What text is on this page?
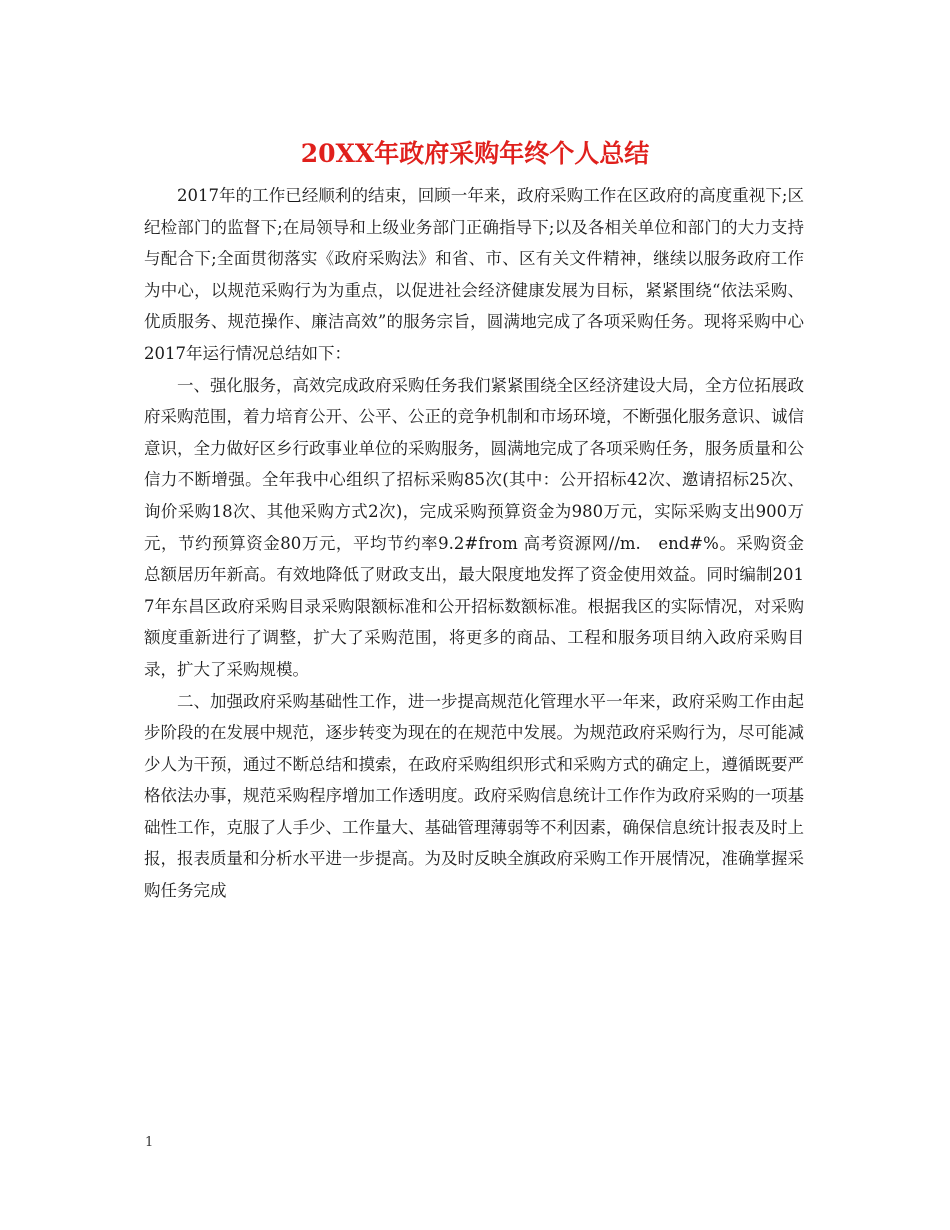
20XX年政府采购年终个人总结

2017年的工作已经顺利的结束，回顾一年来，政府采购工作在区政府的高度重视下;区纪检部门的监督下;在局领导和上级业务部门正确指导下;以及各相关单位和部门的大力支持与配合下;全面贯彻落实《政府采购法》和省、市、区有关文件精神，继续以服务政府工作为中心，以规范采购行为为重点，以促进社会经济健康发展为目标，紧紧围绕“依法采购、优质服务、规范操作、廉洁高效”的服务宗旨，圆满地完成了各项采购任务。现将采购中心2017年运行情况总结如下：

一、强化服务，高效完成政府采购任务我们紧紧围绕全区经济建设大局，全方位拓展政府采购范围，着力培育公开、公平、公正的竞争机制和市场环境，不断强化服务意识、诚信意识，全力做好区乡行政事业单位的采购服务，圆满地完成了各项采购任务，服务质量和公信力不断增强。全年我中心组织了招标采购85次(其中：公开招标42次、邀请招标25次、询价采购18次、其他采购方式2次)，完成采购预算资金为980万元，实际采购支出900万元，节约预算资金80万元，平均节约率9.2#from 高考资源网//m.　end#%。采购资金总额居历年新高。有效地降低了财政支出，最大限度地发挥了资金使用效益。同时编制2017年东昌区政府采购目录采购限额标准和公开招标数额标准。根据我区的实际情况，对采购额度重新进行了调整，扩大了采购范围，将更多的商品、工程和服务项目纳入政府采购目录，扩大了采购规模。

二、加强政府采购基础性工作，进一步提高规范化管理水平一年来，政府采购工作由起步阶段的在发展中规范，逐步转变为现在的在规范中发展。为规范政府采购行为，尽可能减少人为干预，通过不断总结和摸索，在政府采购组织形式和采购方式的确定上，遵循既要严格依法办事，规范采购程序增加工作透明度。政府采购信息统计工作作为政府采购的一项基础性工作，克服了人手少、工作量大、基础管理薄弱等不利因素，确保信息统计报表及时上报，报表质量和分析水平进一步提高。为及时反映全旗政府采购工作开展情况，准确掌握采购任务完成

1
